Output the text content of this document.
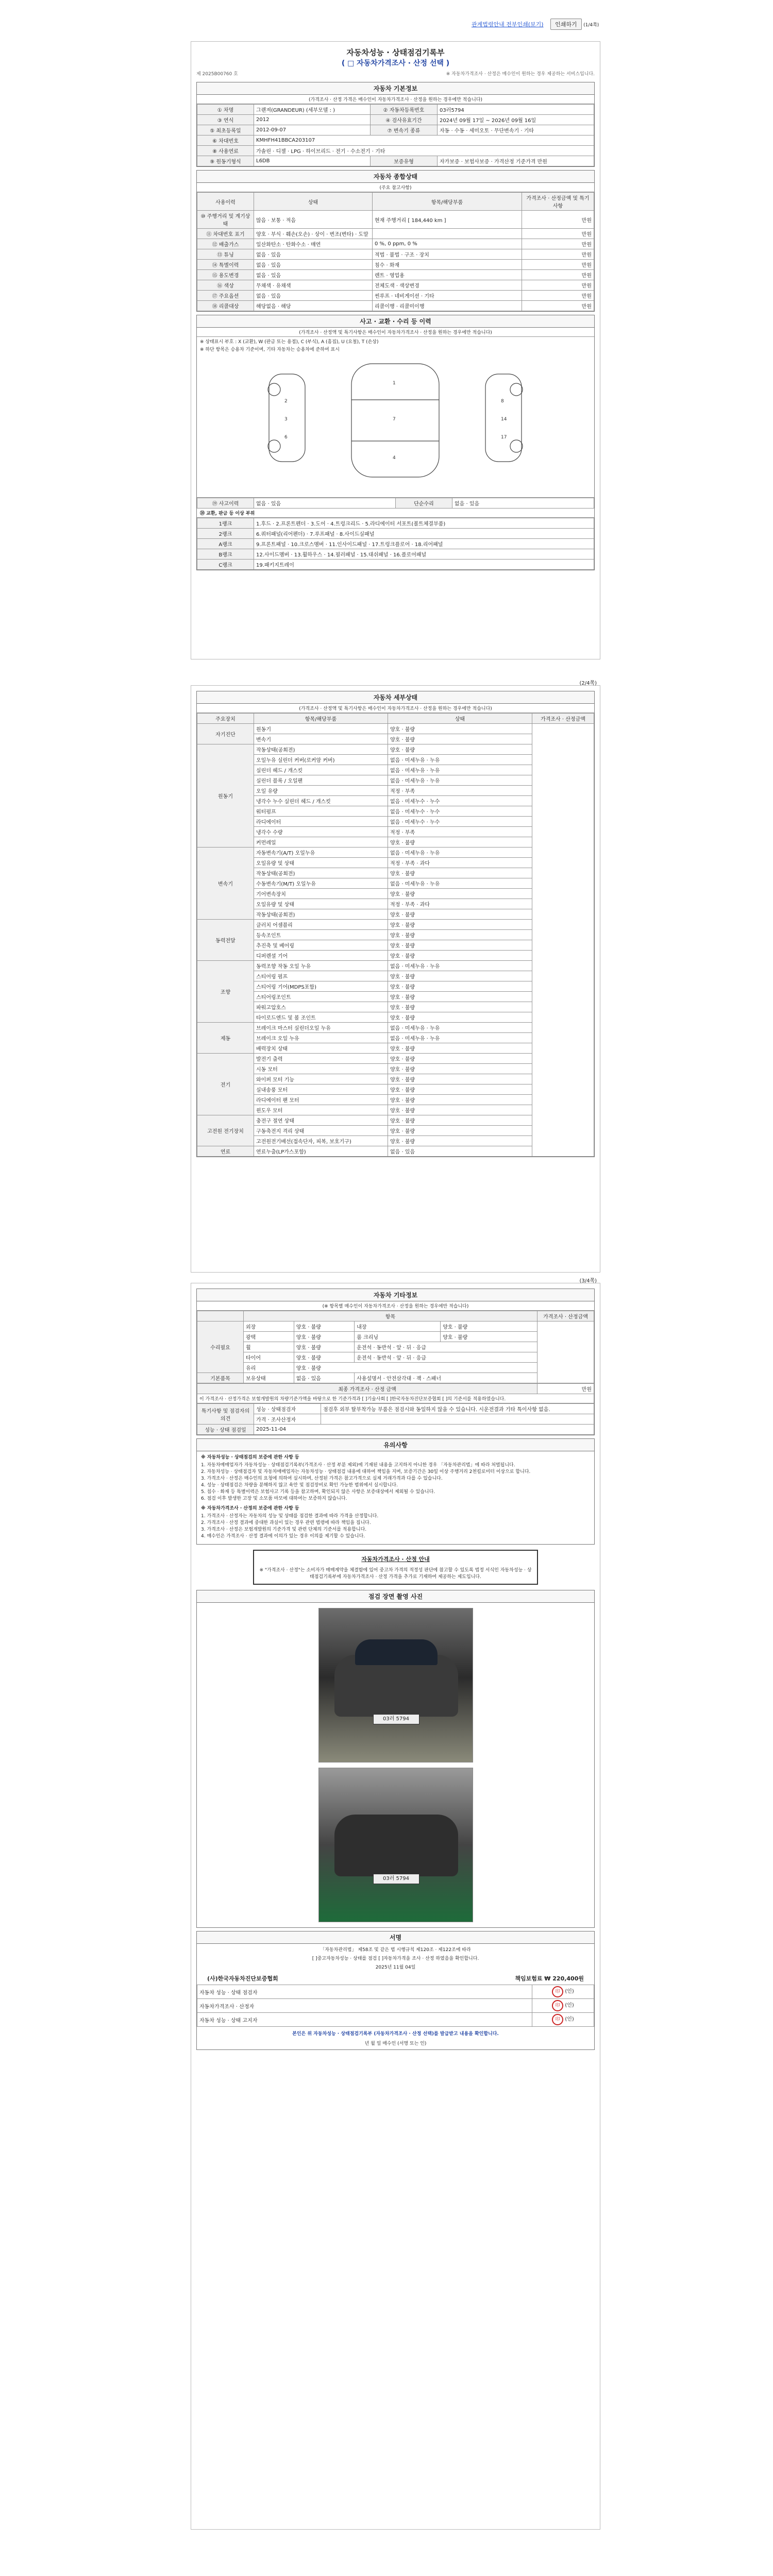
관계법령안내 전부인쇄(보기) 인쇄하기 (1/4쪽)
자동차성능 · 상태점검기록부
( □ 자동차가격조사 · 산정 선택 )
제 2025B00760 호	※ 자동차가격조사 · 산정은 매수인이 원하는 경우 제공하는 서비스입니다.
자동차 기본정보
(가격조사 · 산정 가격은 매수인이 자동차가격조사 · 산정을 원하는 경우에만 적습니다)
① 차명	그랜져(GRANDEUR) (세부모델 : )	② 자동차등록번호	03러5794
③ 연식	2012	④ 검사유효기간	2024년 09월 17일 ~ 2026년 09월 16일
⑤ 최초등록일	2012-09-07	⑦ 변속기 종류	자동 · 수동 · 세미오토 · 무단변속기 · 기타
⑥ 차대번호	KMHFH41BBCA203107		
⑧ 사용연료	가솔린 · 디젤 · LPG · 하이브리드 · 전기 · 수소전기 · 기타		
⑨ 원동기형식	L6DB	보증유형	자가보증 · 보험사보증 · 가격산정 기준가격 만원
자동차 종합상태
(주요 참고사항)
사용이력	상태	항목/해당부품	가격조사 · 산정금액 및 특기사항
⑩ 주행거리 및 계기상태	많음 · 보통 · 적음	현재 주행거리 [ 184,440 km ]	만원
⑪ 차대번호 표기	양호 · 부식 · 훼손(오손) · 상이 · 변조(변타) · 도말		만원
⑫ 배출가스	일산화탄소 · 탄화수소 · 매연	0 %, 0 ppm, 0 %	만원
⑬ 튜닝	없음 · 있음	적법 · 불법 · 구조 · 장치	만원
⑭ 특별이력	없음 · 있음	침수 · 화재	만원
⑮ 용도변경	없음 · 있음	렌트 · 영업용	만원
⑯ 색상	무채색 · 유채색	전체도색 · 색상변경	만원
⑰ 주요옵션	없음 · 있음	썬루프 · 네비게이션 · 기타	만원
⑱ 리콜대상	해당없음 · 해당	리콜이행 · 리콜미이행	만원
사고 · 교환 · 수리 등 이력
(가격조사 · 산정액 및 특기사항은 매수인이 자동차가격조사 · 산정을 원하는 경우에만 적습니다)
※ 상태표시 부호 : X (교환), W (판금 또는 용접), C (부식), A (흠집), U (요철), T (손상)
※ 하단 항목은 승용차 기준이며, 기타 자동차는 승용차에 준하여 표시
1
7
4
2
3
6
8
14
17
⑲ 사고이력	없음 · 있음	단순수리	없음 · 있음
⑳ 교환, 판금 등 이상 부위
1랭크	1.후드 · 2.프론트펜더 · 3.도어 · 4.트렁크리드 · 5.라디에이터 서포트(볼트체결부품)
2랭크	6.쿼터패널(리어펜더) · 7.루프패널 · 8.사이드실패널
A랭크	9.프론트패널 · 10.크로스멤버 · 11.인사이드패널 · 17.트렁크플로어 · 18.리어패널
B랭크	12.사이드멤버 · 13.휠하우스 · 14.필러패널 · 15.대쉬패널 · 16.플로어패널
C랭크	19.패키지트레이
(2/4쪽)
자동차 세부상태
(가격조사 · 산정액 및 특기사항은 매수인이 자동차가격조사 · 산정을 원하는 경우에만 적습니다)
주요장치	항목/해당부품	상태	가격조사 · 산정금액
자기진단	원동기	양호 · 불량	
	변속기	양호 · 불량	
원동기	작동상태(공회전)	양호 · 불량	
	오일누유 실린더 커버(로커암 커버)	없음 · 미세누유 · 누유	
	실린더 헤드 / 개스킷	없음 · 미세누유 · 누유	
	실린더 블록 / 오일팬	없음 · 미세누유 · 누유	
	오일 유량	적정 · 부족	
	냉각수 누수 실린더 헤드 / 개스킷	없음 · 미세누수 · 누수	
	워터펌프	없음 · 미세누수 · 누수	
	라디에이터	없음 · 미세누수 · 누수	
	냉각수 수량	적정 · 부족	
	커먼레일	양호 · 불량	
변속기	자동변속기(A/T) 오일누유	없음 · 미세누유 · 누유	
	오일유량 및 상태	적정 · 부족 · 과다	
	작동상태(공회전)	양호 · 불량	
	수동변속기(M/T) 오일누유	없음 · 미세누유 · 누유	
	기어변속장치	양호 · 불량	
	오일유량 및 상태	적정 · 부족 · 과다	
	작동상태(공회전)	양호 · 불량	
동력전달	클러치 어셈블리	양호 · 불량	
	등속조인트	양호 · 불량	
	추진축 및 베어링	양호 · 불량	
	디퍼렌셜 기어	양호 · 불량	
조향	동력조향 작동 오일 누유	없음 · 미세누유 · 누유	
	스티어링 펌프	양호 · 불량	
	스티어링 기어(MDPS포함)	양호 · 불량	
	스티어링조인트	양호 · 불량	
	파워고압호스	양호 · 불량	
	타이로드엔드 및 볼 조인트	양호 · 불량	
제동	브레이크 마스터 실린더오일 누유	없음 · 미세누유 · 누유	
	브레이크 오일 누유	없음 · 미세누유 · 누유	
	배력장치 상태	양호 · 불량	
전기	발전기 출력	양호 · 불량	
	시동 모터	양호 · 불량	
	와이퍼 모터 기능	양호 · 불량	
	실내송풍 모터	양호 · 불량	
	라디에이터 팬 모터	양호 · 불량	
	윈도우 모터	양호 · 불량	
고전원 전기장치	충전구 절연 상태	양호 · 불량	
	구동축전지 격리 상태	양호 · 불량	
	고전원전기배선(접속단자, 피복, 보호기구)	양호 · 불량	
연료	연료누출(LP가스포함)	없음 · 있음	
(3/4쪽)
자동차 기타정보
(※ 항목별 매수인이 자동차가격조사 · 산정을 원하는 경우에만 적습니다)
	항목				가격조사 · 산정금액
수리필요	외장	양호 · 불량	내장	양호 · 불량	
	광택	양호 · 불량	룸 크리닝	양호 · 불량	
	휠	양호 · 불량	운전석 · 동반석 · 앞 · 뒤 · 응급		
	타이어	양호 · 불량	운전석 · 동반석 · 앞 · 뒤 · 응급		
	유리	양호 · 불량			
기본품목	보유상태	없음 · 있음	사용설명서 · 안전삼각대 · 잭 · 스패너		
최종 가격조사 · 산정 금액	만원
이 가격조사 · 산정가격은 보험개발원의 차량기준가액을 바탕으로 한 기준가격과 [ ]기술사회 [ ]한국자동차진단보증협회 [ ]의 기준서를 적용하였습니다.
특기사항 및 점검자의 의견	성능 · 상태점검자	점검후 외부 탈부착가능 부품은 점검시와 동일하지 않을 수 있습니다. 시운전결과 기타 특이사항 없음.
	가격 · 조사산정자	
성능 · 상태 점검일	2025-11-04	
유의사항
※ 자동차성능 · 상태점검의 보증에 관한 사항 등
1. 자동차매매업자가 자동차성능 · 상태점검기록부(가격조사 · 산정 부분 제외)에 기재된 내용을 고지하지 아니한 경우 「자동차관리법」에 따라 처벌됩니다.
2. 자동차성능 · 상태점검자 및 자동차매매업자는 자동차성능 · 상태점검 내용에 대하여 책임을 지며, 보증기간은 30일 이상 주행거리 2천킬로미터 이상으로 합니다.
3. 가격조사 · 산정은 매수인의 요청에 의하여 실시하며, 산정된 가격은 참고가격으로 실제 거래가격과 다를 수 있습니다.
4. 성능 · 상태점검은 차량을 분해하지 않고 육안 및 점검장비로 확인 가능한 범위에서 실시합니다.
5. 침수 · 화재 등 특별이력은 보험사고 기록 등을 참고하며, 확인되지 않은 사항은 보증대상에서 제외될 수 있습니다.
6. 점검 이후 발생한 고장 및 소모품 마모에 대하여는 보증하지 않습니다.
※ 자동차가격조사 · 산정의 보증에 관한 사항 등
1. 가격조사 · 산정자는 자동차의 성능 및 상태를 점검한 결과에 따라 가격을 산정합니다.
2. 가격조사 · 산정 결과에 중대한 과실이 있는 경우 관련 법령에 따라 책임을 집니다.
3. 가격조사 · 산정은 보험개발원의 기준가격 및 관련 단체의 기준서를 적용합니다.
4. 매수인은 가격조사 · 산정 결과에 이의가 있는 경우 이의를 제기할 수 있습니다.
자동차가격조사 · 산정 안내
※ "가격조사 · 산정"는 소비자가 매매계약을 체결함에 있어 중고차 가격의 적정성 판단에 참고할 수 있도록 법정 서식인 자동차성능 · 상태점검기록부에 자동차가격조사 · 산정 가격을 추가로 기재하여 제공하는 제도입니다.
점검 장면 촬영 사진
03러 5794
03러 5794
서명
「자동차관리법」 제58조 및 같은 법 시행규칙 제120조 · 제122조에 따라
[ ]중고자동차성능 · 상태를 점검 [ ]자동차가격을 조사 · 산정 하였음을 확인합니다.
2025년 11월 04일
(사)한국자동차진단보증협회	책임보험료 ₩ 220,400원
자동차 성능 · 상태 점검자	印 (인)
자동차가격조사 · 산정자	印 (인)
자동차 성능 · 상태 고지자	印 (인)
본인은 위 자동차성능 · 상태점검기록부 (자동차가격조사 · 산정 선택)를 발급받고 내용을 확인합니다.
년 월 일 매수인 (서명 또는 인)
